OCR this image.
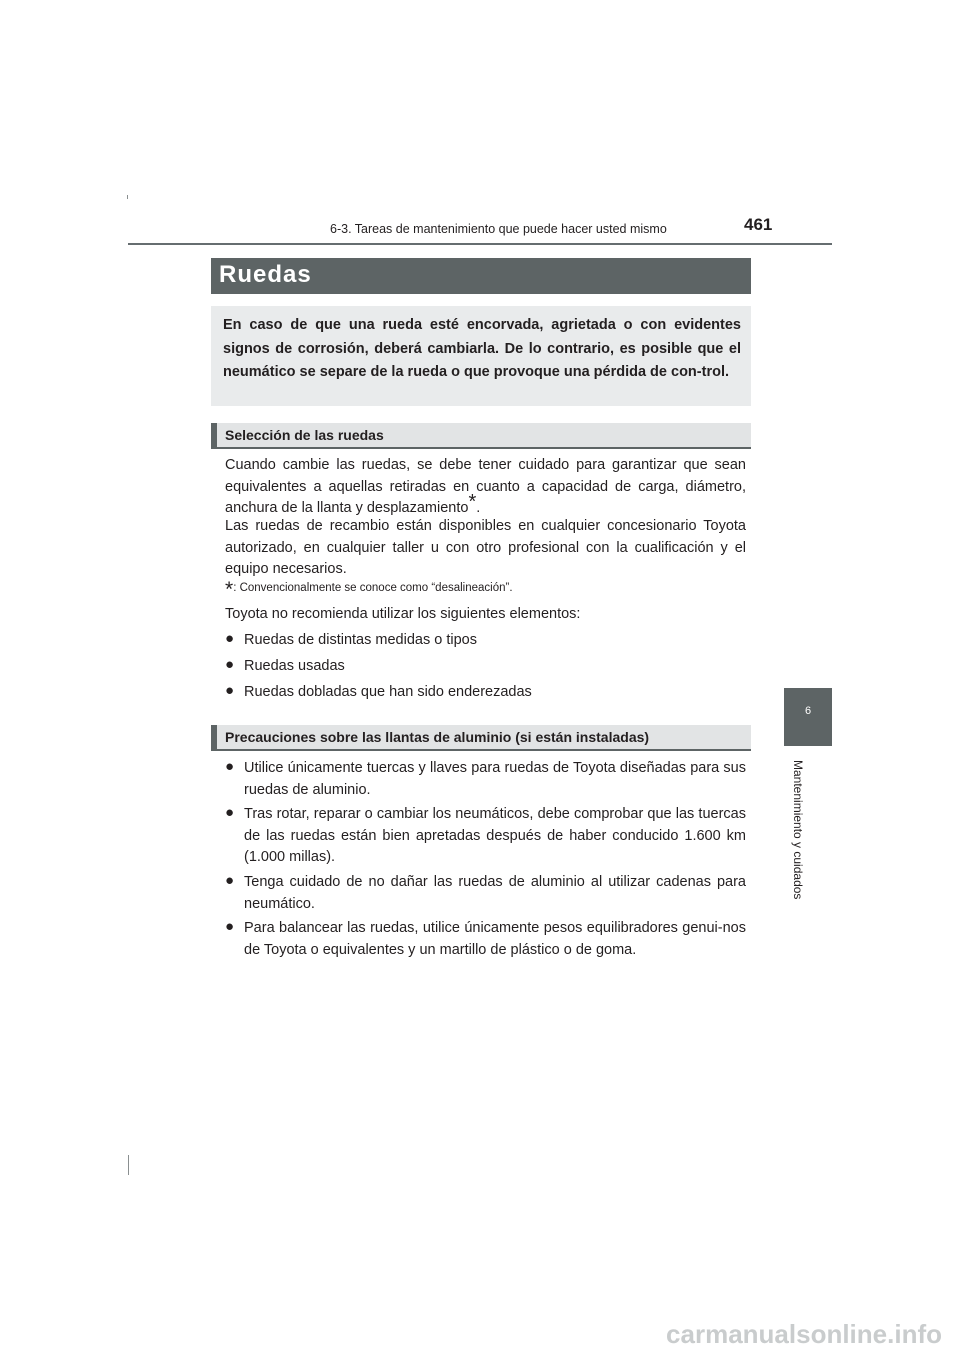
6-3. Tareas de mantenimiento que puede hacer usted mismo	461
6
Mantenimiento y cuidados
Ruedas
En caso de que una rueda esté encorvada, agrietada o con evidentes signos de corrosión, deberá cambiarla. De lo contrario, es posible que el neumático se separe de la rueda o que provoque una pérdida de con-trol.
Selección de las ruedas
Cuando cambie las ruedas, se debe tener cuidado para garantizar que sean equivalentes a aquellas retiradas en cuanto a capacidad de carga, diámetro, anchura de la llanta y desplazamiento*.
Las ruedas de recambio están disponibles en cualquier concesionario Toyota autorizado, en cualquier taller u con otro profesional con la cualificación y el equipo necesarios.
*: Convencionalmente se conoce como “desalineación”.
Toyota no recomienda utilizar los siguientes elementos:
● Ruedas de distintas medidas o tipos
● Ruedas usadas
● Ruedas dobladas que han sido enderezadas
Precauciones sobre las llantas de aluminio (si están instaladas)
● Utilice únicamente tuercas y llaves para ruedas de Toyota diseñadas para sus ruedas de aluminio.
● Tras rotar, reparar o cambiar los neumáticos, debe comprobar que las tuercas de las ruedas están bien apretadas después de haber conducido 1.600 km (1.000 millas).
● Tenga cuidado de no dañar las ruedas de aluminio al utilizar cadenas para neumático.
● Para balancear las ruedas, utilice únicamente pesos equilibradores genui-nos de Toyota o equivalentes y un martillo de plástico o de goma.
carmanualsonline.info
